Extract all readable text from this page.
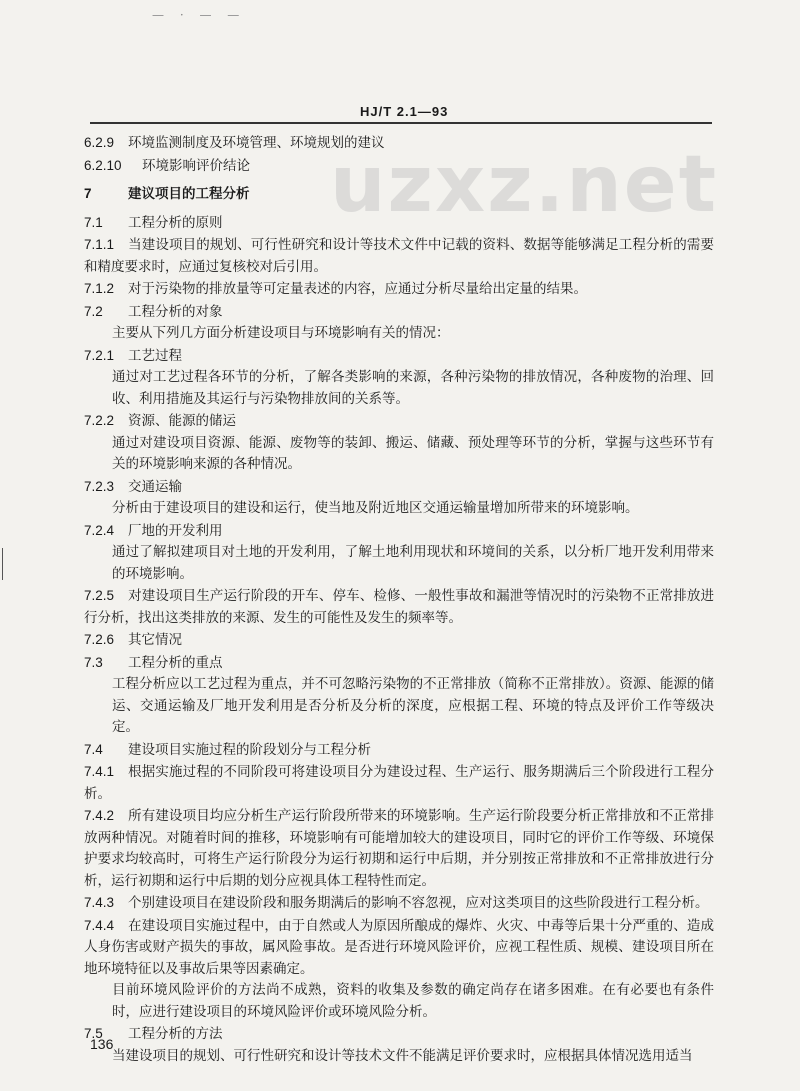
— · — —
HJ/T 2.1—93
uzxz.net
6.2.9 环境监测制度及环境管理、环境规划的建议
6.2.10 环境影响评价结论
7	建议项目的工程分析
7.1 工程分析的原则
7.1.1 当建设项目的规划、可行性研究和设计等技术文件中记载的资料、数据等能够满足工程分析的需要和精度要求时，应通过复核校对后引用。
7.1.2 对于污染物的排放量等可定量表述的内容，应通过分析尽量给出定量的结果。
7.2 工程分析的对象
主要从下列几方面分析建设项目与环境影响有关的情况：
7.2.1 工艺过程
通过对工艺过程各环节的分析，了解各类影响的来源，各种污染物的排放情况，各种废物的治理、回收、利用措施及其运行与污染物排放间的关系等。
7.2.2 资源、能源的储运
通过对建设项目资源、能源、废物等的装卸、搬运、储藏、预处理等环节的分析，掌握与这些环节有关的环境影响来源的各种情况。
7.2.3 交通运输
分析由于建设项目的建设和运行，使当地及附近地区交通运输量增加所带来的环境影响。
7.2.4 厂地的开发利用
通过了解拟建项目对土地的开发利用，了解土地利用现状和环境间的关系，以分析厂地开发利用带来的环境影响。
7.2.5 对建设项目生产运行阶段的开车、停车、检修、一般性事故和漏泄等情况时的污染物不正常排放进行分析，找出这类排放的来源、发生的可能性及发生的频率等。
7.2.6 其它情况
7.3 工程分析的重点
工程分析应以工艺过程为重点，并不可忽略污染物的不正常排放（简称不正常排放）。资源、能源的储运、交通运输及厂地开发利用是否分析及分析的深度，应根据工程、环境的特点及评价工作等级决定。
7.4 建设项目实施过程的阶段划分与工程分析
7.4.1 根据实施过程的不同阶段可将建设项目分为建设过程、生产运行、服务期满后三个阶段进行工程分析。
7.4.2 所有建设项目均应分析生产运行阶段所带来的环境影响。生产运行阶段要分析正常排放和不正常排放两种情况。对随着时间的推移，环境影响有可能增加较大的建设项目，同时它的评价工作等级、环境保护要求均较高时，可将生产运行阶段分为运行初期和运行中后期，并分别按正常排放和不正常排放进行分析，运行初期和运行中后期的划分应视具体工程特性而定。
7.4.3 个别建设项目在建设阶段和服务期满后的影响不容忽视，应对这类项目的这些阶段进行工程分析。
7.4.4 在建设项目实施过程中，由于自然或人为原因所酿成的爆炸、火灾、中毒等后果十分严重的、造成人身伤害或财产损失的事故，属风险事故。是否进行环境风险评价，应视工程性质、规模、建设项目所在地环境特征以及事故后果等因素确定。
目前环境风险评价的方法尚不成熟，资料的收集及参数的确定尚存在诸多困难。在有必要也有条件时，应进行建设项目的环境风险评价或环境风险分析。
7.5 工程分析的方法
当建设项目的规划、可行性研究和设计等技术文件不能满足评价要求时，应根据具体情况选用适当
136
